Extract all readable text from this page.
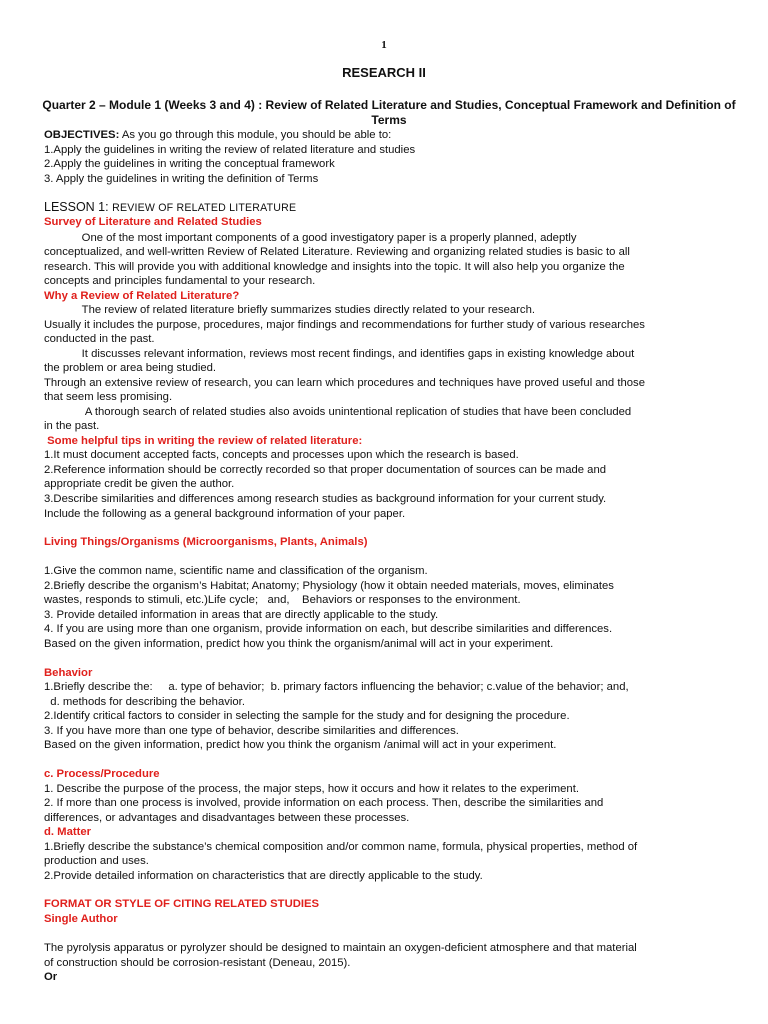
1
RESEARCH II
Quarter 2 – Module 1 (Weeks 3 and 4) : Review of Related Literature and Studies, Conceptual Framework and Definition of Terms
OBJECTIVES: As you go through this module, you should be able to:
1.Apply the guidelines in writing the review of related literature and studies
2.Apply the guidelines in writing the conceptual framework
3. Apply the guidelines in writing the definition of Terms
LESSON 1: REVIEW OF RELATED LITERATURE
Survey of Literature and Related Studies
One of the most important components of a good investigatory paper is a properly planned, adeptly
conceptualized, and well-written Review of Related Literature. Reviewing and organizing related studies is basic to all
research. This will provide you with additional knowledge and insights into the topic. It will also help you organize the
concepts and principles fundamental to your research.
Why a Review of Related Literature?
The review of related literature briefly summarizes studies directly related to your research.
Usually it includes the purpose, procedures, major findings and recommendations for further study of various researches
conducted in the past.
It discusses relevant information, reviews most recent findings, and identifies gaps in existing knowledge about
the problem or area being studied.
Through an extensive review of research, you can learn which procedures and techniques have proved useful and those
that seem less promising.
A thorough search of related studies also avoids unintentional replication of studies that have been concluded
in the past.
Some helpful tips in writing the review of related literature:
1.It must document accepted facts, concepts and processes upon which the research is based.
2.Reference information should be correctly recorded so that proper documentation of sources can be made and
appropriate credit be given the author.
3.Describe similarities and differences among research studies as background information for your current study.
Include the following as a general background information of your paper.
Living Things/Organisms (Microorganisms, Plants, Animals)
1.Give the common name, scientific name and classification of the organism.
2.Briefly describe the organism’s Habitat; Anatomy; Physiology (how it obtain needed materials, moves, eliminates
wastes, responds to stimuli, etc.)Life cycle;   and,    Behaviors or responses to the environment.
3. Provide detailed information in areas that are directly applicable to the study.
4. If you are using more than one organism, provide information on each, but describe similarities and differences.
Based on the given information, predict how you think the organism/animal will act in your experiment.
Behavior
1.Briefly describe the:     a. type of behavior;  b. primary factors influencing the behavior; c.value of the behavior; and,
d. methods for describing the behavior.
2.Identify critical factors to consider in selecting the sample for the study and for designing the procedure.
3. If you have more than one type of behavior, describe similarities and differences.
Based on the given information, predict how you think the organism /animal will act in your experiment.
c. Process/Procedure
1. Describe the purpose of the process, the major steps, how it occurs and how it relates to the experiment.
2. If more than one process is involved, provide information on each process. Then, describe the similarities and
differences, or advantages and disadvantages between these processes.
d. Matter
1.Briefly describe the substance’s chemical composition and/or common name, formula, physical properties, method of
production and uses.
2.Provide detailed information on characteristics that are directly applicable to the study.
FORMAT OR STYLE OF CITING RELATED STUDIES
Single Author
The pyrolysis apparatus or pyrolyzer should be designed to maintain an oxygen-deficient atmosphere and that material
of construction should be corrosion-resistant (Deneau, 2015).
Or
